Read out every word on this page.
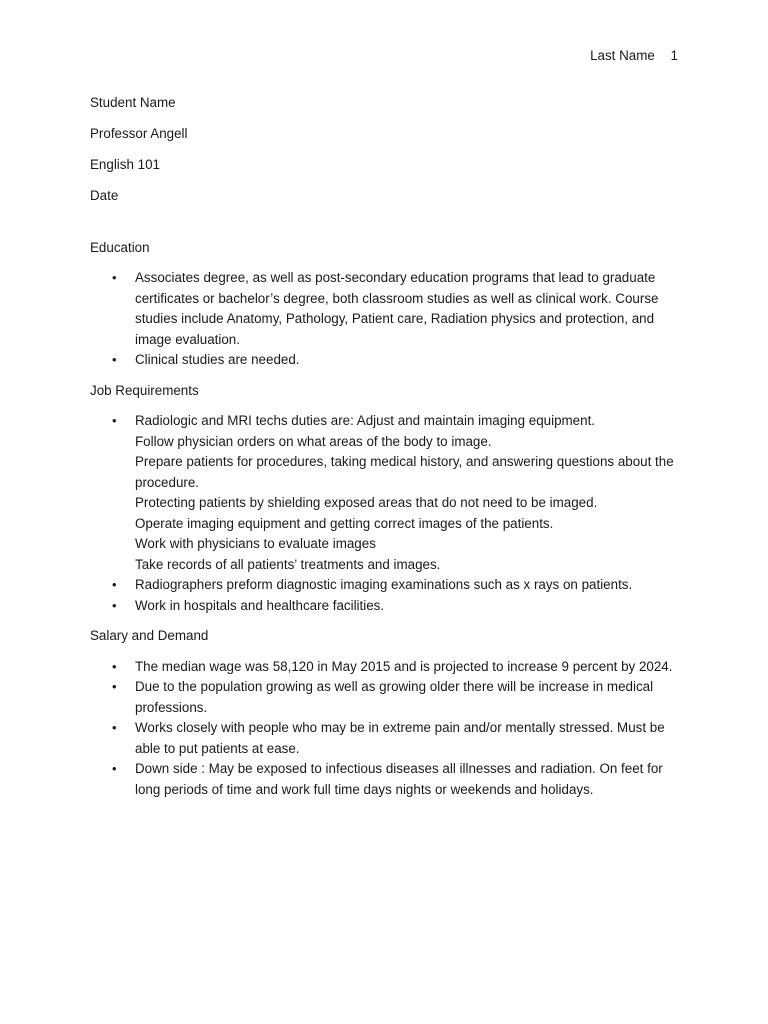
Last Name 1

Student Name

Professor Angell

English 101

Date

Education

• Associates degree, as well as post-secondary education programs that lead to graduate certificates or bachelor’s degree, both classroom studies as well as clinical work. Course studies include Anatomy, Pathology, Patient care, Radiation physics and protection, and image evaluation.
• Clinical studies are needed.

Job Requirements

• Radiologic and MRI techs duties are: Adjust and maintain imaging equipment.
Follow physician orders on what areas of the body to image.
Prepare patients for procedures, taking medical history, and answering questions about the procedure.
Protecting patients by shielding exposed areas that do not need to be imaged.
Operate imaging equipment and getting correct images of the patients.
Work with physicians to evaluate images
Take records of all patients’ treatments and images.
• Radiographers preform diagnostic imaging examinations such as x rays on patients.
• Work in hospitals and healthcare facilities.

Salary and Demand

• The median wage was 58,120 in May 2015 and is projected to increase 9 percent by 2024.
• Due to the population growing as well as growing older there will be increase in medical professions.
• Works closely with people who may be in extreme pain and/or mentally stressed. Must be able to put patients at ease.
• Down side : May be exposed to infectious diseases all illnesses and radiation. On feet for long periods of time and work full time days nights or weekends and holidays.
